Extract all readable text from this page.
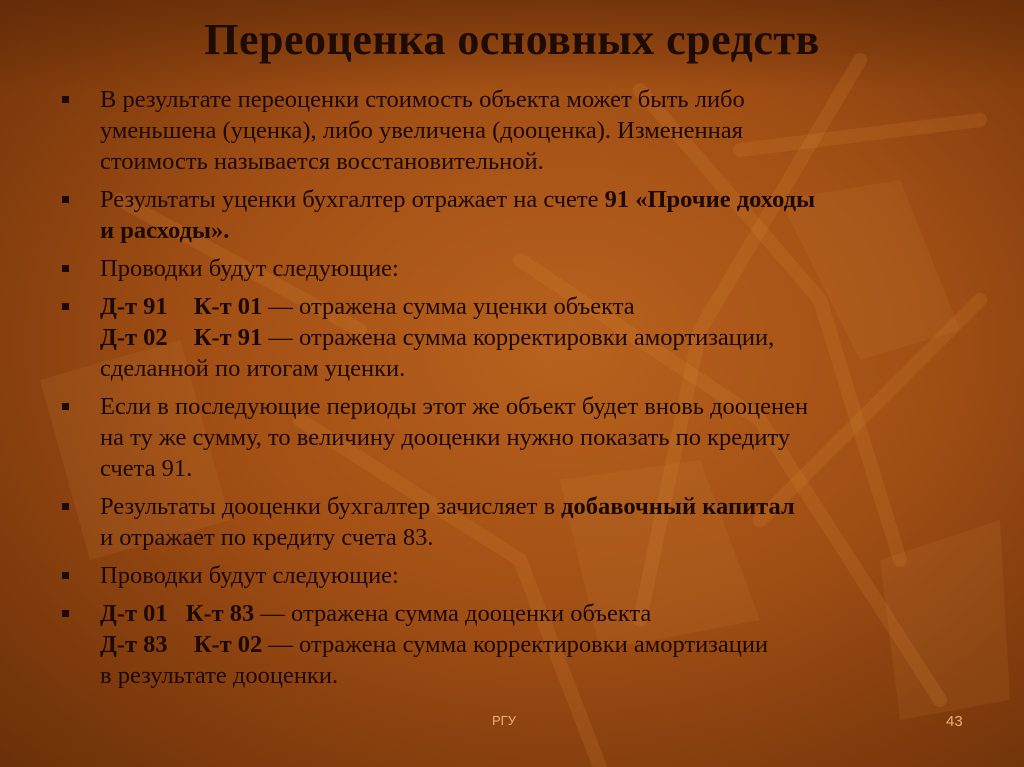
Переоценка основных средств
В результате переоценки стоимость объекта может быть либо
уменьшена (уценка), либо увеличена (дооценка). Измененная
стоимость называется восстановительной.
Результаты уценки бухгалтер отражает на счете 91 «Прочие доходы
и расходы».
Проводки будут следующие:
Д-т 91 К-т 01 — отражена сумма уценки объекта
Д-т 02 К-т 91 — отражена сумма корректировки амортизации,
сделанной по итогам уценки.
Если в последующие периоды этот же объект будет вновь дооценен
на ту же сумму, то величину дооценки нужно показать по кредиту
счета 91.
Результаты дооценки бухгалтер зачисляет в добавочный капитал
и отражает по кредиту счета 83.
Проводки будут следующие:
Д-т 01 К-т 83 — отражена сумма дооценки объекта
Д-т 83 К-т 02 — отражена сумма корректировки амортизации
в результате дооценки.
РГУ	43
